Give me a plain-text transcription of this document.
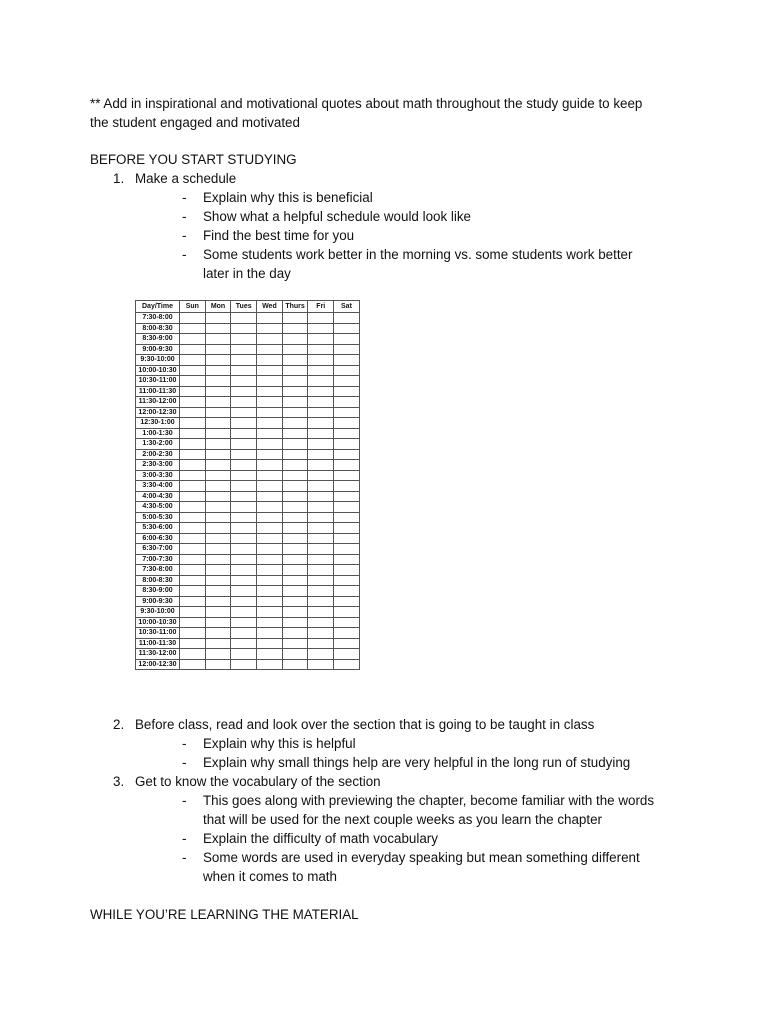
** Add in inspirational and motivational quotes about math throughout the study guide to keep
the student engaged and motivated
BEFORE YOU START STUDYING
1. Make a schedule
- Explain why this is beneficial
- Show what a helpful schedule would look like
- Find the best time for you
- Some students work better in the morning vs. some students work better
later in the day
Day/Time	Sun	Mon	Tues	Wed	Thurs	Fri	Sat
7:30-8:00							
8:00-8:30							
8:30-9:00							
9:00-9:30							
9:30-10:00							
10:00-10:30							
10:30-11:00							
11:00-11:30							
11:30-12:00							
12:00-12:30							
12:30-1:00							
1:00-1:30							
1:30-2:00							
2:00-2:30							
2:30-3:00							
3:00-3:30							
3:30-4:00							
4:00-4:30							
4:30-5:00							
5:00-5:30							
5:30-6:00							
6:00-6:30							
6:30-7:00							
7:00-7:30							
7:30-8:00							
8:00-8:30							
8:30-9:00							
9:00-9:30							
9:30-10:00							
10:00-10:30							
10:30-11:00							
11:00-11:30							
11:30-12:00							
12:00-12:30							
2. Before class, read and look over the section that is going to be taught in class
- Explain why this is helpful
- Explain why small things help are very helpful in the long run of studying
3. Get to know the vocabulary of the section
- This goes along with previewing the chapter, become familiar with the words
that will be used for the next couple weeks as you learn the chapter
- Explain the difficulty of math vocabulary
- Some words are used in everyday speaking but mean something different
when it comes to math
WHILE YOU’RE LEARNING THE MATERIAL
